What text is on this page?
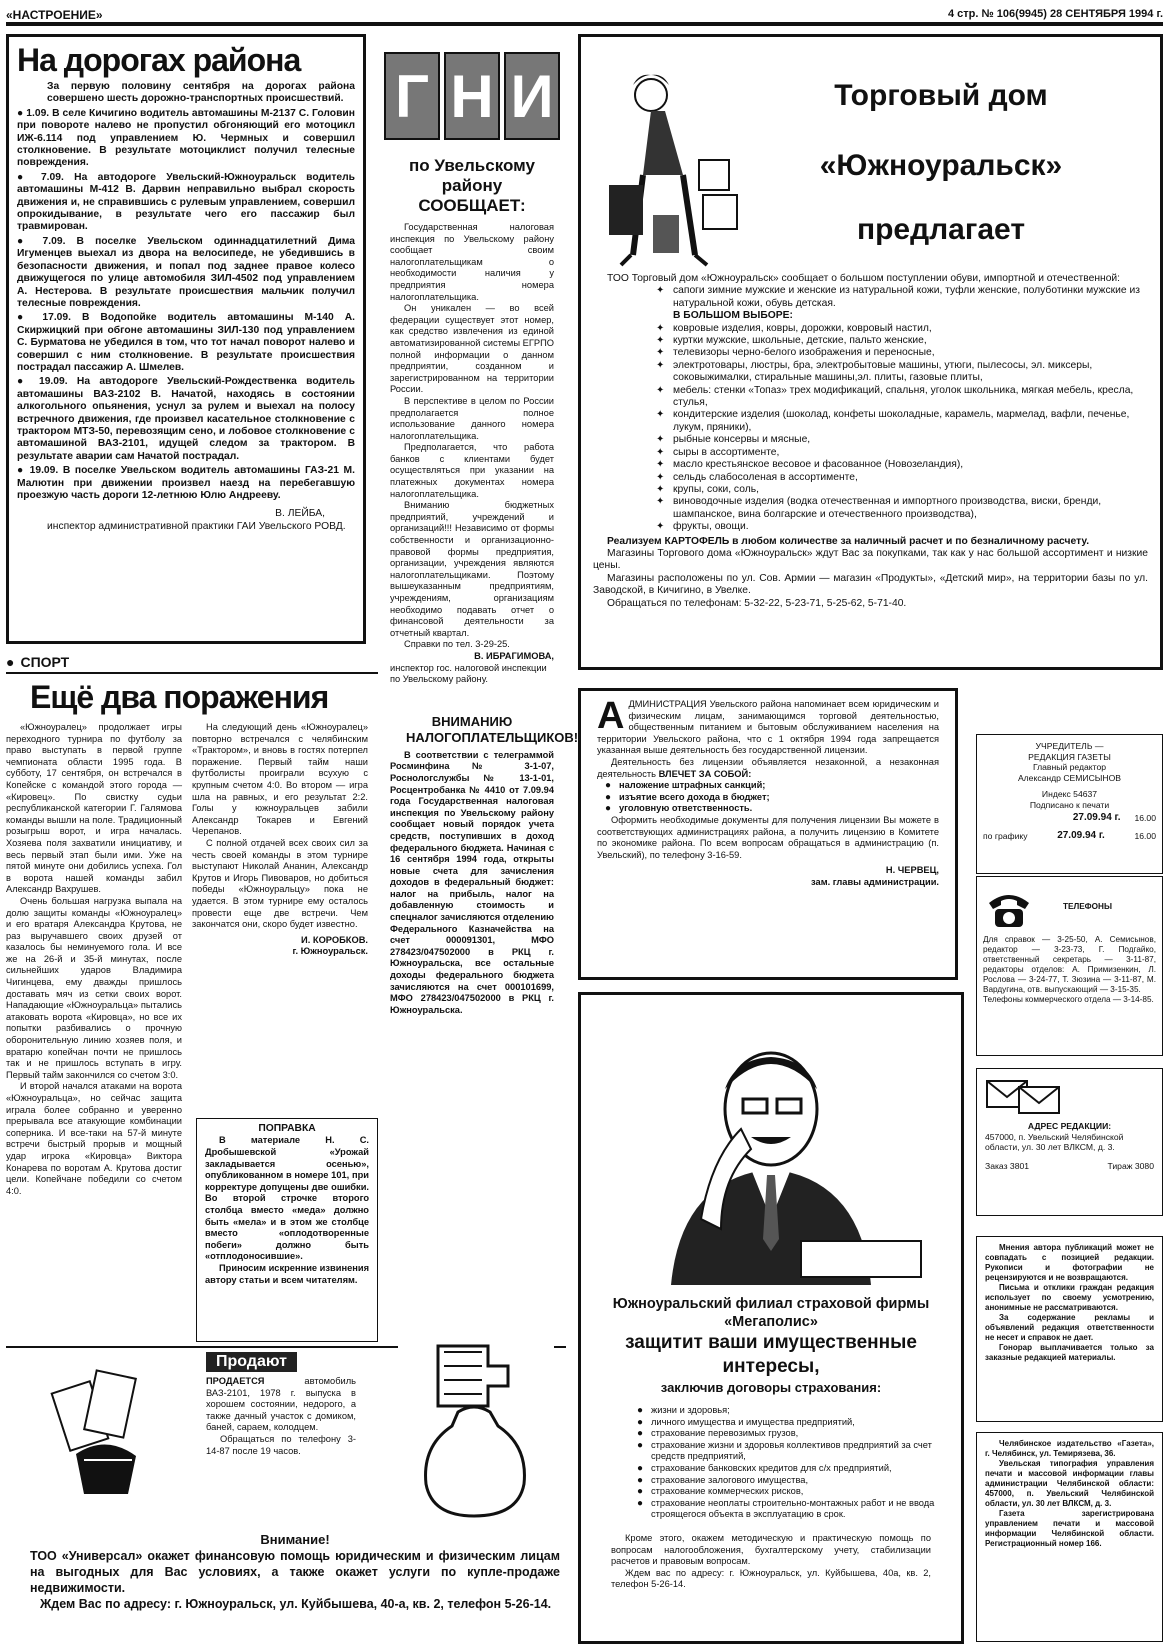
«НАСТРОЕНИЕ»	4 стр. № 106(9945) 28 СЕНТЯБРЯ 1994 г.
На дорогах района

За первую половину сентября на дорогах района совершено шесть дорожно-транспортных происшествий.

● 1.09. В селе Кичигино водитель автомашины М-2137 С. Головин при повороте налево не пропустил обгоняющий его мотоцикл ИЖ-6.114 под управлением Ю. Чермных и совершил столкновение. В результате мотоциклист получил телесные повреждения.

● 7.09. На автодороге Увельский-Южноуральск водитель автомашины М-412 В. Дарвин неправильно выбрал скорость движения и, не справившись с рулевым управлением, совершил опрокидывание, в результате чего его пассажир был травмирован.

● 7.09. В поселке Увельском одиннадцатилетний Дима Игуменцев выехал из двора на велосипеде, не убедившись в безопасности движения, и попал под заднее правое колесо движущегося по улице автомобиля ЗИЛ-4502 под управлением А. Нестерова. В результате происшествия мальчик получил телесные повреждения.

● 17.09. В Водопойке водитель автомашины М-140 А. Скиржицкий при обгоне автомашины ЗИЛ-130 под управлением С. Бурматова не убедился в том, что тот начал поворот налево и совершил с ним столкновение. В результате происшествия пострадал пассажир А. Шмелев.

● 19.09. На автодороге Увельский-Рождественка водитель автомашины ВАЗ-2102 В. Начатой, находясь в состоянии алкогольного опьянения, уснул за рулем и выехал на полосу встречного движения, где произвел касательное столкновение с трактором МТЗ-50, перевозящим сено, и лобовое столкновение с автомашиной ВАЗ-2101, идущей следом за трактором. В результате аварии сам Начатой пострадал.

● 19.09. В поселке Увельском водитель автомашины ГАЗ-21 М. Малютин при движении произвел наезд на перебегавшую проезжую часть дороги 12-летнюю Юлю Андрееву.

В. ЛЕЙБА,

инспектор административной практики ГАИ Увельского РОВД.

Г Н И
по Увельскому району СООБЩАЕТ:

Государственная налоговая инспекция по Увельскому району сообщает своим налогоплательщикам о необходимости наличия у предприятия номера налогоплательщика.

Он уникален — во всей федерации существует этот номер, как средство извлечения из единой автоматизированной системы ЕГРПО полной информации о данном предприятии, созданном и зарегистрированном на территории России.

В перспективе в целом по России предполагается полное использование данного номера налогоплательщика.

Предполагается, что работа банков с клиентами будет осуществляться при указании на платежных документах номера налогоплательщика.

Вниманию бюджетных предприятий, учреждений и организаций!!! Независимо от формы собственности и организационно-правовой формы предприятия, организации, учреждения являются налогоплательщиками. Поэтому вышеуказанным предприятиям, учреждениям, организациям необходимо подавать отчет о финансовой деятельности за отчетный квартал.

Справки по тел. 3-29-25.

В. ИБРАГИМОВА,

инспектор гос. налоговой инспекции по Увельскому району.

ВНИМАНИЮ НАЛОГОПЛАТЕЛЬЩИКОВ!

В соответствии с телеграммой Росминфина № 3-1-07, Роснологслужбы № 13-1-01, Росцентробанка № 4410 от 7.09.94 года Государственная налоговая инспекция по Увельскому району сообщает новый порядок учета средств, поступивших в доход федерального бюджета. Начиная с 16 сентября 1994 года, открыты новые счета для зачисления доходов в федеральный бюджет: налог на прибыль, налог на добавленную стоимость и спецналог зачисляются отделению Федерального Казначейства на счет 000091301, МФО 278423/047502000 в РКЦ г. Южноуральска, все остальные доходы федерального бюджета зачисляются на счет 000101699, МФО 278423/047502000 в РКЦ г. Южноуральска.

Торговый дом
«Южноуральск»
предлагает

ТОО Торговый дом «Южноуральск» сообщает о большом поступлении обуви, импортной и отечественной:

✦ сапоги зимние мужские и женские из натуральной кожи, туфли женские, полуботинки мужские из натуральной кожи, обувь детская.

В БОЛЬШОМ ВЫБОРЕ:

✦ ковровые изделия, ковры, дорожки, ковровый настил,
✦ куртки мужские, школьные, детские, пальто женские,
✦ телевизоры черно-белого изображения и переносные,
✦ электротовары, люстры, бра, электробытовые машины, утюги, пылесосы, эл. миксеры, соковыжималки, стиральные машины,эл. плиты, газовые плиты,
✦ мебель: стенки «Топаз» трех модификаций, спальня, уголок школьника, мягкая мебель, кресла, стулья,
✦ кондитерские изделия (шоколад, конфеты шоколадные, карамель, мармелад, вафли, печенье, лукум, пряники),
✦ рыбные консервы и мясные,
✦ сыры в ассортименте,
✦ масло крестьянское весовое и фасованное (Новозеландия),
✦ сельдь слабосоленая в ассортименте,
✦ крупы, соки, соль,
✦ виноводочные изделия (водка отечественная и импортного производства, виски, бренди, шампанское, вина болгарские и отечественного производства),
✦ фрукты, овощи.

Реализуем КАРТОФЕЛЬ в любом количестве за наличный расчет и по безналичному расчету.

Магазины Торгового дома «Южноуральск» ждут Вас за покупками, так как у нас большой ассортимент и низкие цены.

Магазины расположены по ул. Сов. Армии — магазин «Продукты», «Детский мир», на территории базы по ул. Заводской, в Кичигино, в Увелке.

Обращаться по телефонам: 5-32-22, 5-23-71, 5-25-62, 5-71-40.

А ДМИНИСТРАЦИЯ Увельского района напоминает всем юридическим и физическим лицам, занимающимся торговой деятельностью, общественным питанием и бытовым обслуживанием населения на территории Увельского района, что с 1 октября 1994 года запрещается указанная выше деятельность без государственной лицензии.

Деятельность без лицензии объявляется незаконной, а незаконная деятельность ВЛЕЧЕТ ЗА СОБОЙ:

● наложение штрафных санкций;
● изъятие всего дохода в бюджет;
● уголовную ответственность.

Оформить необходимые документы для получения лицензии Вы можете в соответствующих администрациях района, а получить лицензию в Комитете по экономике района. По всем вопросам обращаться в администрацию (п. Увельский), по телефону 3-16-59.

Н. ЧЕРВЕЦ,

зам. главы администрации.

УЧРЕДИТЕЛЬ —
РЕДАКЦИЯ ГАЗЕТЫ
Главный редактор
Александр СЕМИСЫНОВ
Индекс 54637
Подписано к печати
27.09.94 г. 16.00
по графику	27.09.94 г.	16.00
ТЕЛЕФОНЫ

Для справок — 3-25-50, А. Семисынов, редактор — 3-23-73, Г. Подгайко, ответственный секретарь — 3-11-87, редакторы отделов: А. Примизенкин, Л. Рослова — 3-24-77, Т. Зюзина — 3-11-87, М. Вардугина, отв. выпускающий — 3-15-35.

Телефоны коммерческого отдела — 3-14-85.

АДРЕС РЕДАКЦИИ:

457000, п. Увельский Челябинской области, ул. 30 лет ВЛКСМ, д. 3.

Заказ 3801	Тираж 3080

Мнения автора публикаций может не совпадать с позицией редакции. Рукописи и фотографии не рецензируются и не возвращаются.

Письма и отклики граждан редакция использует по своему усмотрению, анонимные не рассматриваются.

За содержание рекламы и объявлений редакция ответственности не несет и справок не дает.

Гонорар выплачивается только за заказные редакцией материалы.

Челябинское издательство «Газета», г. Челябинск, ул. Темирязева, 36.

Увельская типография управления печати и массовой информации главы администрации Челябинской области: 457000, п. Увельский Челябинской области, ул. 30 лет ВЛКСМ, д. 3.

Газета зарегистрирована управлением печати и массовой информации Челябинской области. Регистрационный номер 166.

● СПОРТ
Ещё два поражения

«Южноуралец» продолжает игры переходного турнира по футболу за право выступать в первой группе чемпионата области 1995 года. В субботу, 17 сентября, он встречался в Копейске с командой этого города — «Кировец». По свистку судьи республиканской категории Г. Галямова команды вышли на поле. Традиционный розыгрыш ворот, и игра началась. Хозяева поля захватили инициативу, и весь первый этап были ими. Уже на пятой минуте они добились успеха. Гол в ворота нашей команды забил Александр Вахрушев.

Очень большая нагрузка выпала на долю защиты команды «Южноуралец» и его вратаря Александра Крутова, не раз выручавшего своих друзей от казалось бы неминуемого гола. И все же на 26-й и 35-й минутах, после сильнейших ударов Владимира Чигинцева, ему дважды пришлось доставать мяч из сетки своих ворот. Нападающие «Южноуральца» пытались атаковать ворота «Кировца», но все их попытки разбивались о прочную оборонительную линию хозяев поля, и вратарю копейчан почти не пришлось так и не пришлось вступать в игру. Первый тайм закончился со счетом 3:0.

И второй начался атаками на ворота «Южноуральца», но сейчас защита играла более собранно и уверенно прерывала все атакующие комбинации соперника. И все-таки на 57-й минуте встречи быстрый прорыв и мощный удар игрока «Кировца» Виктора Конарева по воротам А. Крутова достиг цели. Копейчане победили со счетом 4:0.

На следующий день «Южноуралец» повторно встречался с челябинским «Трактором», и вновь в гостях потерпел поражение. Первый тайм наши футболисты проиграли всухую с крупным счетом 4:0. Во втором — игра шла на равных, и его результат 2:2. Голы у южноуральцев забили Александр Токарев и Евгений Черепанов.

С полной отдачей всех своих сил за честь своей команды в этом турнире выступают Николай Ананин, Александр Крутов и Игорь Пивоваров, но добиться победы «Южноуральцу» пока не удается. В этом турнире ему осталось провести еще две встречи. Чем закончатся они, скоро будет известно.

И. КОРОБКОВ.

г. Южноуральск.

ПОПРАВКА

В материале Н. С. Дробышевской «Урожай закладывается осенью», опубликованном в номере 101, при корректуре допущены две ошибки. Во второй строчке второго столбца вместо «меда» должно быть «мела» и в этом же столбце вместо «оплодотворенные побеги» должно быть «отплодоносившие».

Приносим искренние извинения автору статьи и всем читателям.

Продают

ПРОДАЕТСЯ	автомобиль ВАЗ-2101, 1978 г. выпуска в хорошем состоянии, недорого, а также дачный участок с домиком, баней, сараем, колодцем.

Обращаться по телефону 3-14-87 после 19 часов.

Южноуральский филиал страховой фирмы «Мегаполис»
защитит ваши имущественные интересы,
заключив договоры страхования:
● жизни и здоровья;
● личного имущества и имущества предприятий,
● страхование перевозимых грузов,
● страхование жизни и здоровья коллективов предприятий за счет средств предприятий,
● страхование банковских кредитов для с/х предприятий,
● страхование залогового имущества,
● страхование коммерческих рисков,
● страхование неоплаты строительно-монтажных работ и не ввода строящегося объекта в эксплуатацию в срок.

Кроме этого, окажем методическую и практическую помощь по вопросам налогообложения, бухгалтерскому учету, стабилизации расчетов и правовым вопросам.

Ждем вас по адресу: г. Южноуральск, ул. Куйбышева, 40а, кв. 2, телефон 5-26-14.

Внимание!

ТОО «Универсал» окажет финансовую помощь юридическим и физическим лицам на выгодных для Вас условиях, а также окажет услуги по купле-продаже недвижимости.

Ждем Вас по адресу: г. Южноуральск, ул. Куйбышева, 40-а, кв. 2, телефон 5-26-14.
